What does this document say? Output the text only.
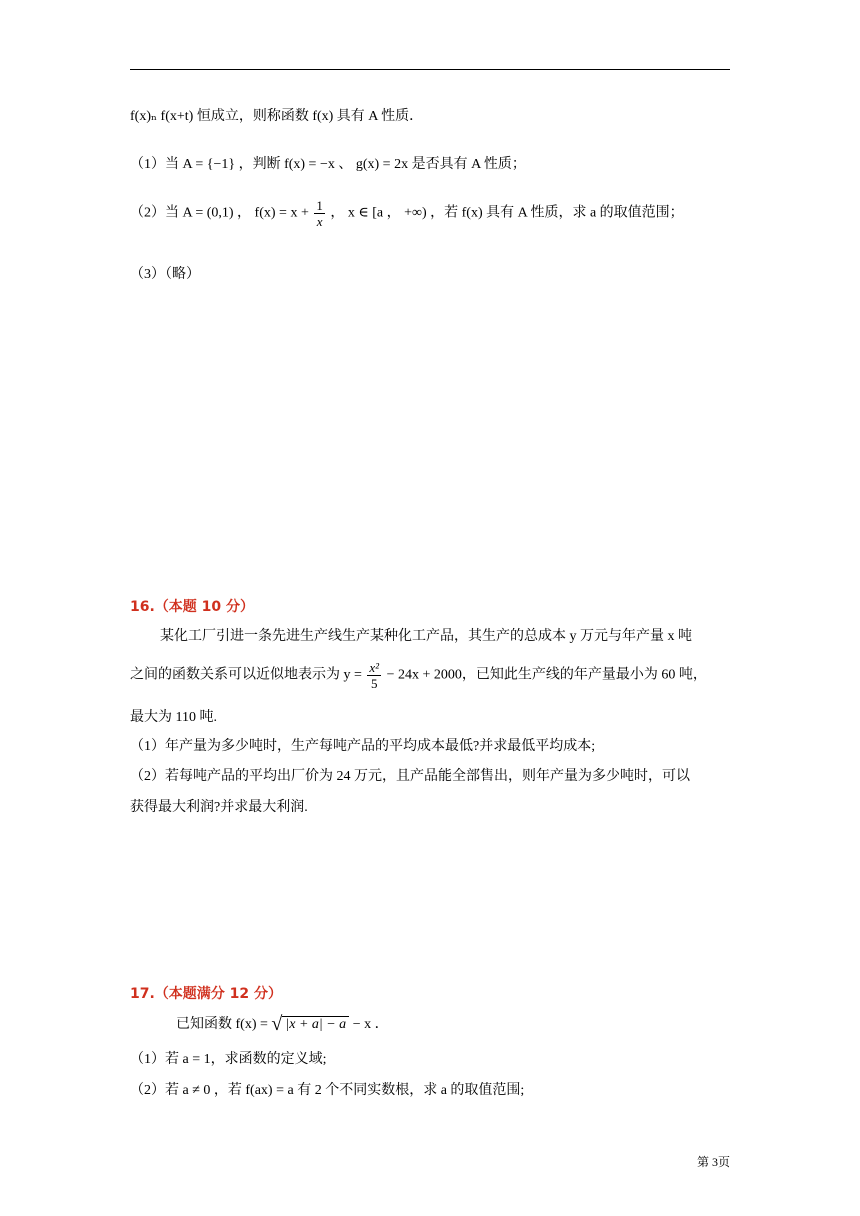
f(x)ₙ f(x+t) 恒成立，则称函数 f(x) 具有 A 性质．
（1）当 A = {−1} ，判断 f(x) = −x 、 g(x) = 2x 是否具有 A 性质；
（2）当 A = (0,1) ， $f(x) = x + \frac{1}{x}$ ， x ∈ [a ， +∞) ，若 f(x) 具有 A 性质，求 a 的取值范围；
（3）（略）
16.（本题 10 分）
某化工厂引进一条先进生产线生产某种化工产品，其生产的总成本 y 万元与年产量 x 吨
之间的函数关系可以近似地表示为 $y = \frac{\text{x²}}{5} - 24x + 2000$，已知此生产线的年产量最小为 60 吨，
最大为 110 吨.
（1）年产量为多少吨时，生产每吨产品的平均成本最低?并求最低平均成本;
（2）若每吨产品的平均出厂价为 24 万元，且产品能全部售出，则年产量为多少吨时，可以
获得最大利润?并求最大利润.
17.（本题满分 12 分）
已知函数 f(x) = √ |x + a| − a − x ．
（1）若 a = 1，求函数的定义域;
（2）若 a ≠ 0 ，若 f(ax) = a 有 2 个不同实数根，求 a 的取值范围;
第 3页
